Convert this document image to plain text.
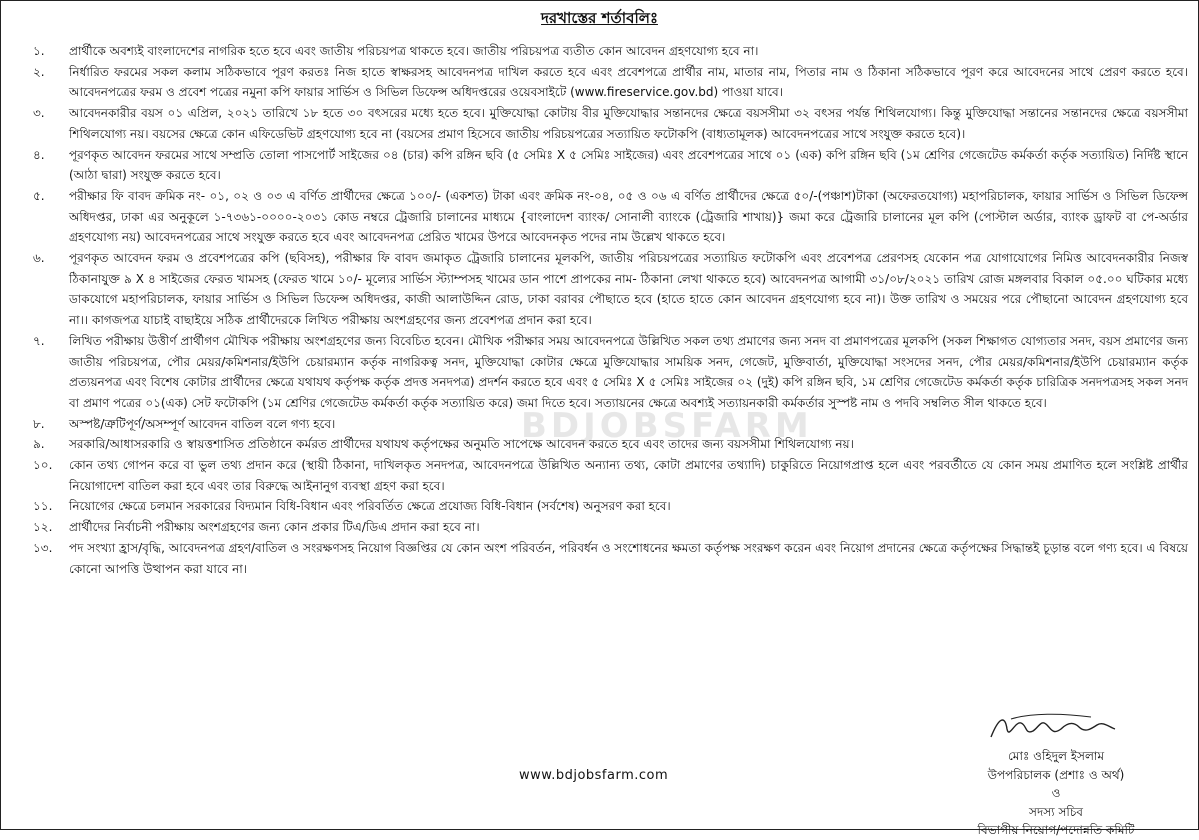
দরখাস্তের শর্তাবলিঃ
BDJOBSFARM
১. প্রার্থীকে অবশ্যই বাংলাদেশের নাগরিক হতে হবে এবং জাতীয় পরিচয়পত্র থাকতে হবে। জাতীয় পরিচয়পত্র ব্যতীত কোন আবেদন গ্রহণযোগ্য হবে না।
২. নির্ধারিত ফরমের সকল কলাম সঠিকভাবে পূরণ করতঃ নিজ হাতে স্বাক্ষরসহ আবেদনপত্র দাখিল করতে হবে এবং প্রবেশপত্রে প্রার্থীর নাম, মাতার নাম, পিতার নাম ও ঠিকানা সঠিকভাবে পূরণ করে আবেদনের সাথে প্রেরণ করতে হবে। আবেদনপত্রের ফরম ও প্রবেশ পত্রের নমুনা কপি ফায়ার সার্ভিস ও সিভিল ডিফেন্স অধিদপ্তরের ওয়েবসাইটে (www.fireservice.gov.bd) পাওয়া যাবে।
৩. আবেদনকারীর বয়স ০১ এপ্রিল, ২০২১ তারিখে ১৮ হতে ৩০ বৎসরের মধ্যে হতে হবে। মুক্তিযোদ্ধা কোটায় বীর মুক্তিযোদ্ধার সন্তানদের ক্ষেত্রে বয়সসীমা ৩২ বৎসর পর্যন্ত শিথিলযোগ্য। কিন্তু মুক্তিযোদ্ধা সন্তানের সন্তানদের ক্ষেত্রে বয়সসীমা শিথিলযোগ্য নয়। বয়সের ক্ষেত্রে কোন এফিডেভিট গ্রহণযোগ্য হবে না (বয়সের প্রমাণ হিসেবে জাতীয় পরিচয়পত্রের সত্যায়িত ফটোকপি (বাধ্যতামূলক) আবেদনপত্রের সাথে সংযুক্ত করতে হবে)।
৪. পূরণকৃত আবেদন ফরমের সাথে সম্প্রতি তোলা পাসপোর্ট সাইজের ০৪ (চার) কপি রঙ্গিন ছবি (৫ সেমিঃ X ৫ সেমিঃ সাইজের) এবং প্রবেশপত্রের সাথে ০১ (এক) কপি রঙ্গিন ছবি (১ম শ্রেণির গেজেটেড কর্মকর্তা কর্তৃক সত্যায়িত) নির্দিষ্ট স্থানে (আঠা দ্বারা) সংযুক্ত করতে হবে।
৫. পরীক্ষার ফি বাবদ ক্রমিক নং- ০১, ০২ ও ০৩ এ বর্ণিত প্রার্থীদের ক্ষেত্রে ১০০/- (একশত) টাকা এবং ক্রমিক নং-০৪, ০৫ ও ০৬ এ বর্ণিত প্রার্থীদের ক্ষেত্রে ৫০/-(পঞ্চাশ)টাকা (অফেরতযোগ্য) মহাপরিচালক, ফায়ার সার্ভিস ও সিভিল ডিফেন্স অধিদপ্তর, ঢাকা এর অনুকূলে ১-৭৩৬১-০০০০-২০৩১ কোড নম্বরে ট্রেজারি চালানের মাধ্যমে {বাংলাদেশ ব্যাংক/ সোনালী ব্যাংকে (ট্রেজারি শাখায়)} জমা করে ট্রেজারি চালানের মূল কপি (পোস্টাল অর্ডার, ব্যাংক ড্রাফট বা পে-অর্ডার গ্রহণযোগ্য নয়) আবেদনপত্রের সাথে সংযুক্ত করতে হবে এবং আবেদনপত্র প্রেরিত খামের উপরে আবেদনকৃত পদের নাম উল্লেখ থাকতে হবে।
৬. পূরণকৃত আবেদন ফরম ও প্রবেশপত্রের কপি (ছবিসহ), পরীক্ষার ফি বাবদ জমাকৃত ট্রেজারি চালানের মূলকপি, জাতীয় পরিচয়পত্রের সত্যায়িত ফটোকপি এবং প্রবেশপত্র প্রেরণসহ যেকোন পত্র যোগাযোগের নিমিত্ত আবেদনকারীর নিজস্ব ঠিকানাযুক্ত ৯ X ৪ সাইজের ফেরত খামসহ (ফেরত খামে ১০/- মূল্যের সার্ভিস স্ট্যাম্পসহ খামের ডান পাশে প্রাপকের নাম- ঠিকানা লেখা থাকতে হবে) আবেদনপত্র আগামী ৩১/০৮/২০২১ তারিখ রোজ মঙ্গলবার বিকাল ০৫.০০ ঘটিকার মধ্যে ডাকযোগে মহাপরিচালক, ফায়ার সার্ভিস ও সিভিল ডিফেন্স অধিদপ্তর, কাজী আলাউদ্দিন রোড, ঢাকা বরাবর পৌছাতে হবে (হাতে হাতে কোন আবেদন গ্রহণযোগ্য হবে না)। উক্ত তারিখ ও সময়ের পরে পৌছানো আবেদন গ্রহণযোগ্য হবে না।। কাগজপত্র যাচাই বাছাইয়ে সঠিক প্রার্থীদেরকে লিখিত পরীক্ষায় অংশগ্রহণের জন্য প্রবেশপত্র প্রদান করা হবে।
৭. লিখিত পরীক্ষায় উত্তীর্ণ প্রার্থীগণ মৌখিক পরীক্ষায় অংশগ্রহণের জন্য বিবেচিত হবেন। মৌখিক পরীক্ষার সময় আবেদনপত্রে উল্লিখিত সকল তথ্য প্রমাণের জন্য সনদ বা প্রমাণপত্রের মূলকপি (সকল শিক্ষাগত যোগ্যতার সনদ, বয়স প্রমাণের জন্য জাতীয় পরিচয়পত্র, পৌর মেয়র/কমিশনার/ইউপি চেয়ারম্যান কর্তৃক নাগরিকত্ব সনদ, মুক্তিযোদ্ধা কোটার ক্ষেত্রে মুক্তিযোদ্ধার সাময়িক সনদ, গেজেট, মুক্তিবার্তা, মুক্তিযোদ্ধা সংসদের সনদ, পৌর মেয়র/কমিশনার/ইউপি চেয়ারম্যান কর্তৃক প্রত্যয়নপত্র এবং বিশেষ কোটার প্রার্থীদের ক্ষেত্রে যথাযথ কর্তৃপক্ষ কর্তৃক প্রদত্ত সনদপত্র) প্রদর্শন করতে হবে এবং ৫ সেমিঃ X ৫ সেমিঃ সাইজের ০২ (দুই) কপি রঙ্গিন ছবি, ১ম শ্রেণির গেজেটেড কর্মকর্তা কর্তৃক চারিত্রিক সনদপত্রসহ সকল সনদ বা প্রমাণ পত্রের ০১(এক) সেট ফটোকপি (১ম শ্রেণির গেজেটেড কর্মকর্তা কর্তৃক সত্যায়িত করে) জমা দিতে হবে। সত্যায়নের ক্ষেত্রে অবশ্যই সত্যায়নকারী কর্মকর্তার সুস্পষ্ট নাম ও পদবি সম্বলিত সীল থাকতে হবে।
৮. অস্পষ্ট/ত্রুটিপূর্ণ/অসম্পূর্ণ আবেদন বাতিল বলে গণ্য হবে।
৯. সরকারি/আধাসরকারি ও স্বায়ত্তশাসিত প্রতিষ্ঠানে কর্মরত প্রার্থীদের যথাযথ কর্তৃপক্ষের অনুমতি সাপেক্ষে আবেদন করতে হবে এবং তাদের জন্য বয়সসীমা শিথিলযোগ্য নয়।
১০. কোন তথ্য গোপন করে বা ভুল তথ্য প্রদান করে (স্থায়ী ঠিকানা, দাখিলকৃত সনদপত্র, আবেদনপত্রে উল্লিখিত অন্যান্য তথ্য, কোটা প্রমাণের তথ্যাদি) চাকুরিতে নিয়োগপ্রাপ্ত হলে এবং পরবর্তীতে যে কোন সময় প্রমাণিত হলে সংশ্লিষ্ট প্রার্থীর নিয়োগাদেশ বাতিল করা হবে এবং তার বিরুদ্ধে আইনানুগ ব্যবস্থা গ্রহণ করা হবে।
১১. নিয়োগের ক্ষেত্রে চলমান সরকারের বিদ্যমান বিধি-বিধান এবং পরিবর্তিত ক্ষেত্রে প্রযোজ্য বিধি-বিধান (সর্বশেষ) অনুসরণ করা হবে।
১২. প্রার্থীদের নির্বাচনী পরীক্ষায় অংশগ্রহণের জন্য কোন প্রকার টিএ/ডিএ প্রদান করা হবে না।
১৩. পদ সংখ্যা হ্রাস/বৃদ্ধি, আবেদনপত্র গ্রহণ/বাতিল ও সংরক্ষণসহ নিয়োগ বিজ্ঞপ্তির যে কোন অংশ পরিবর্তন, পরিবর্ধন ও সংশোধনের ক্ষমতা কর্তৃপক্ষ সংরক্ষণ করেন এবং নিয়োগ প্রদানের ক্ষেত্রে কর্তৃপক্ষের সিদ্ধান্তই চূড়ান্ত বলে গণ্য হবে। এ বিষয়ে কোনো আপত্তি উত্থাপন করা যাবে না।
www.bdjobsfarm.com
মোঃ ওহিদুল ইসলাম
উপপরিচালক (প্রশাঃ ও অর্থ)
ও
সদস্য সচিব
বিভাগীয় নিয়োগ/পদোন্নতি কমিটি
